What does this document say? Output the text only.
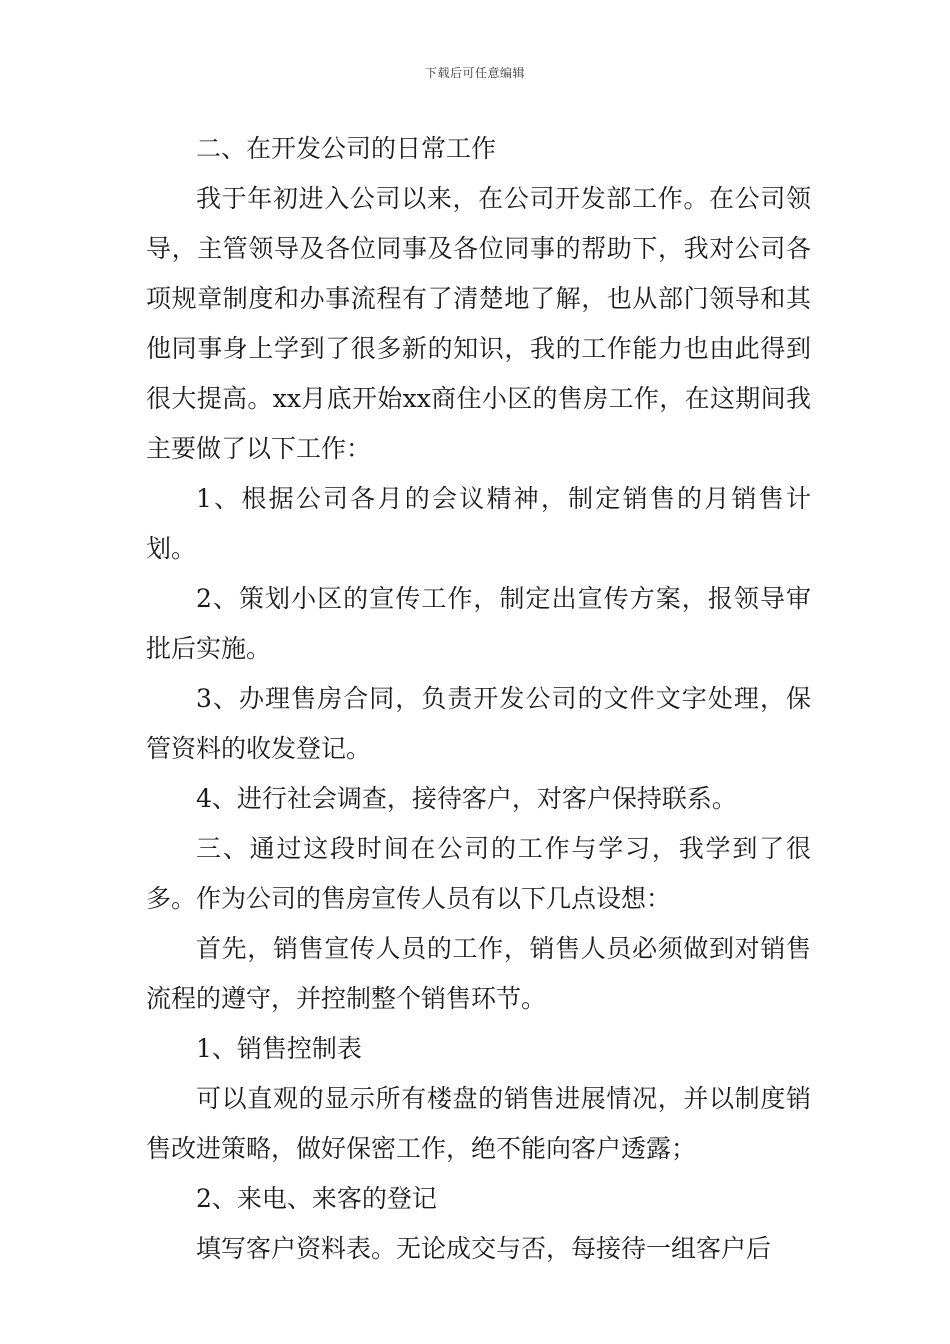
下载后可任意编辑

二、在开发公司的日常工作

我于年初进入公司以来，在公司开发部工作。在公司领导，主管领导及各位同事及各位同事的帮助下，我对公司各项规章制度和办事流程有了清楚地了解，也从部门领导和其他同事身上学到了很多新的知识，我的工作能力也由此得到很大提高。xx月底开始xx商住小区的售房工作，在这期间我主要做了以下工作：

1、根据公司各月的会议精神，制定销售的月销售计划。

2、策划小区的宣传工作，制定出宣传方案，报领导审批后实施。

3、办理售房合同，负责开发公司的文件文字处理，保管资料的收发登记。

4、进行社会调查，接待客户，对客户保持联系。

三、通过这段时间在公司的工作与学习，我学到了很多。作为公司的售房宣传人员有以下几点设想：

首先，销售宣传人员的工作，销售人员必须做到对销售流程的遵守，并控制整个销售环节。

1、销售控制表

可以直观的显示所有楼盘的销售进展情况，并以制度销售改进策略，做好保密工作，绝不能向客户透露；

2、来电、来客的登记

填写客户资料表。无论成交与否，每接待一组客户后
